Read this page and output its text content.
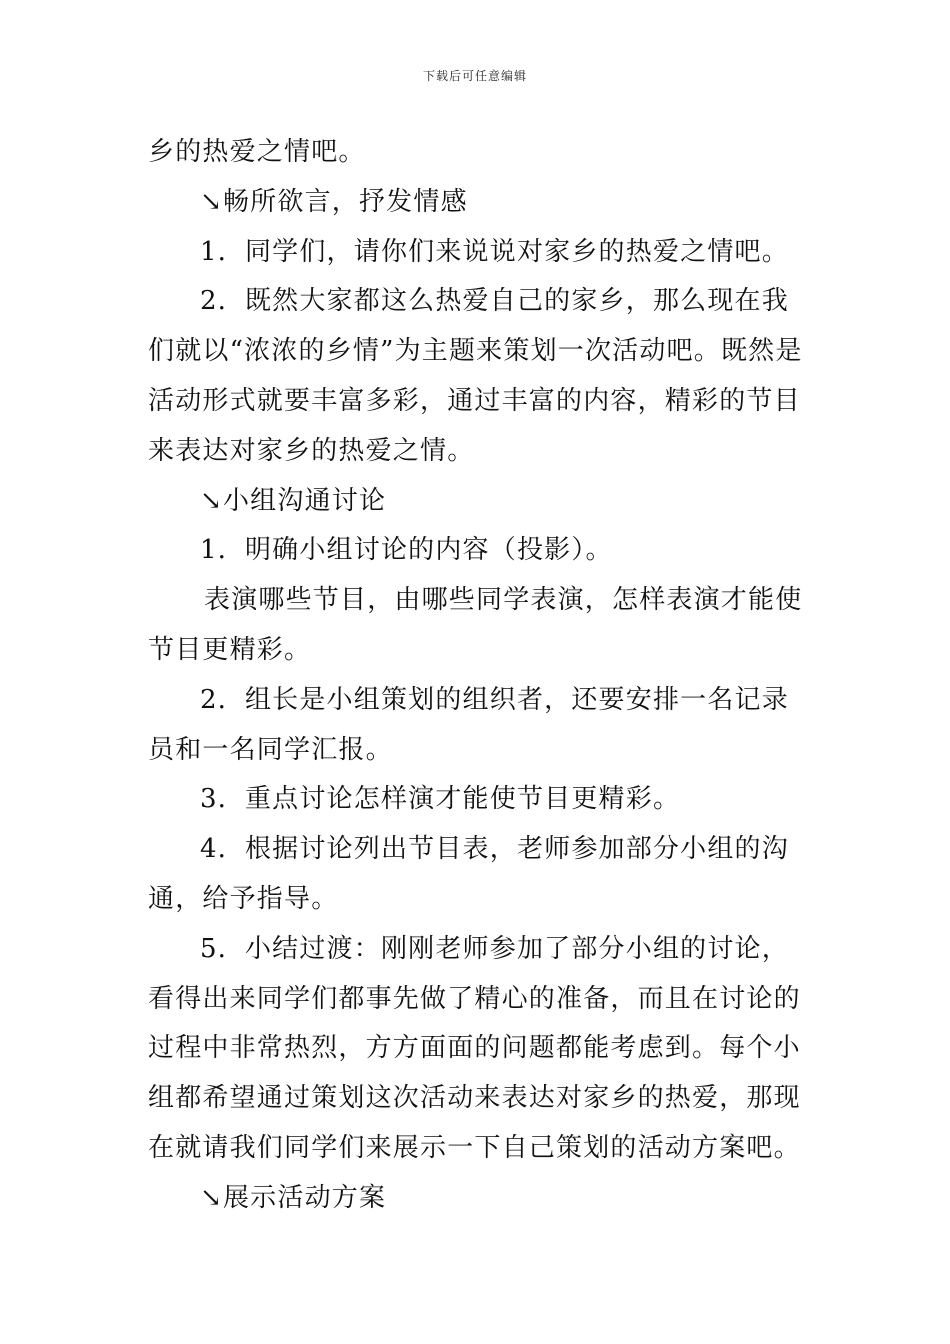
下载后可任意编辑

乡的热爱之情吧。

↘畅所欲言，抒发情感

1．同学们，请你们来说说对家乡的热爱之情吧。

2．既然大家都这么热爱自己的家乡，那么现在我们就以“浓浓的乡情”为主题来策划一次活动吧。既然是活动形式就要丰富多彩，通过丰富的内容，精彩的节目来表达对家乡的热爱之情。

↘小组沟通讨论

1．明确小组讨论的内容（投影）。

表演哪些节目，由哪些同学表演，怎样表演才能使节目更精彩。

2．组长是小组策划的组织者，还要安排一名记录员和一名同学汇报。

3．重点讨论怎样演才能使节目更精彩。

4．根据讨论列出节目表，老师参加部分小组的沟通，给予指导。

5．小结过渡：刚刚老师参加了部分小组的讨论，看得出来同学们都事先做了精心的准备，而且在讨论的过程中非常热烈，方方面面的问题都能考虑到。每个小组都希望通过策划这次活动来表达对家乡的热爱，那现在就请我们同学们来展示一下自己策划的活动方案吧。

↘展示活动方案
